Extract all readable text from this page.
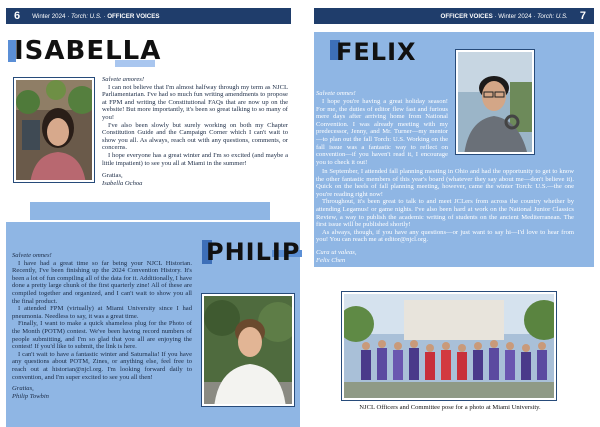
6	Winter 2024 · Torch: U.S. · OFFICER VOICES	OFFICER VOICES · Winter 2024 · Torch: U.S.	7
ISABELLA

Salvete amores!

I can not believe that I'm almost halfway through my term as NJCL Parliamentarian. I've had so much fun writing amendments to propose at FPM and writing the Constitutional FAQs that are now up on the website! But more importantly, it's been so great talking to so many of you!

I've also been slowly but surely working on both my Chapter Constitution Guide and the Campaign Corner which I can't wait to show you all. As always, reach out with any questions, comments, or concerns.

I hope everyone has a great winter and I'm so excited (and maybe a little impatient) to see you all at Miami in the summer!

Gratias,

Isabella Ochoa

FELIX

Salvete omnes!

I hope you're having a great holiday season! For me, the duties of editor flew fast and furious mere days after arriving home from National Convention. I was already meeting with my predecessor, Jenny, and Mr. Turner—my mentor—to plan out the fall Torch: U.S. Working on the fall issue was a fantastic way to reflect on convention—if you haven't read it, I encourage you to check it out!

In September, I attended fall planning meeting in Ohio and had the opportunity to get to know the other fantastic members of this year's board (whatever they say about me—don't believe it). Quick on the heels of fall planning meeting, however, came the winter Torch: U.S.—the one you're reading right now!

Throughout, it's been great to talk to and meet JCLers from across the country whether by attending Legamus! or game nights. I've also been hard at work on the National Junior Classics Review, a way to publish the academic writing of students on the ancient Mediterranean. The first issue will be published shortly!

As always, though, if you have any questions—or just want to say hi—I'd love to hear from you! You can reach me at editor@njcl.org.

Cura ut valeas,

Felix Chen

PHILIP

Salvete omnes!

I have had a great time so far being your NJCL Historian. Recently, I've been finishing up the 2024 Convention History. It's been a lot of fun compiling all of the data for it. Additionally, I have done a pretty large chunk of the first quarterly zine! All of these are compiled together and organized, and I can't wait to show you all the final product.

I attended FPM (virtually) at Miami University since I had pneumonia. Needless to say, it was a great time.

Finally, I want to make a quick shameless plug for the Photo of the Month (POTM) contest. We've been having record numbers of people submitting, and I'm so glad that you all are enjoying the contest! If you'd like to submit, the link is here.

I can't wait to have a fantastic winter and Saturnalia! If you have any questions about POTM, Zines, or anything else, feel free to reach out at historian@njcl.org. I'm looking forward daily to convention, and I'm super excited to see you all then!

Gratias,

Philip Towbin

NJCL Officers and Committee pose for a photo at Miami University.
